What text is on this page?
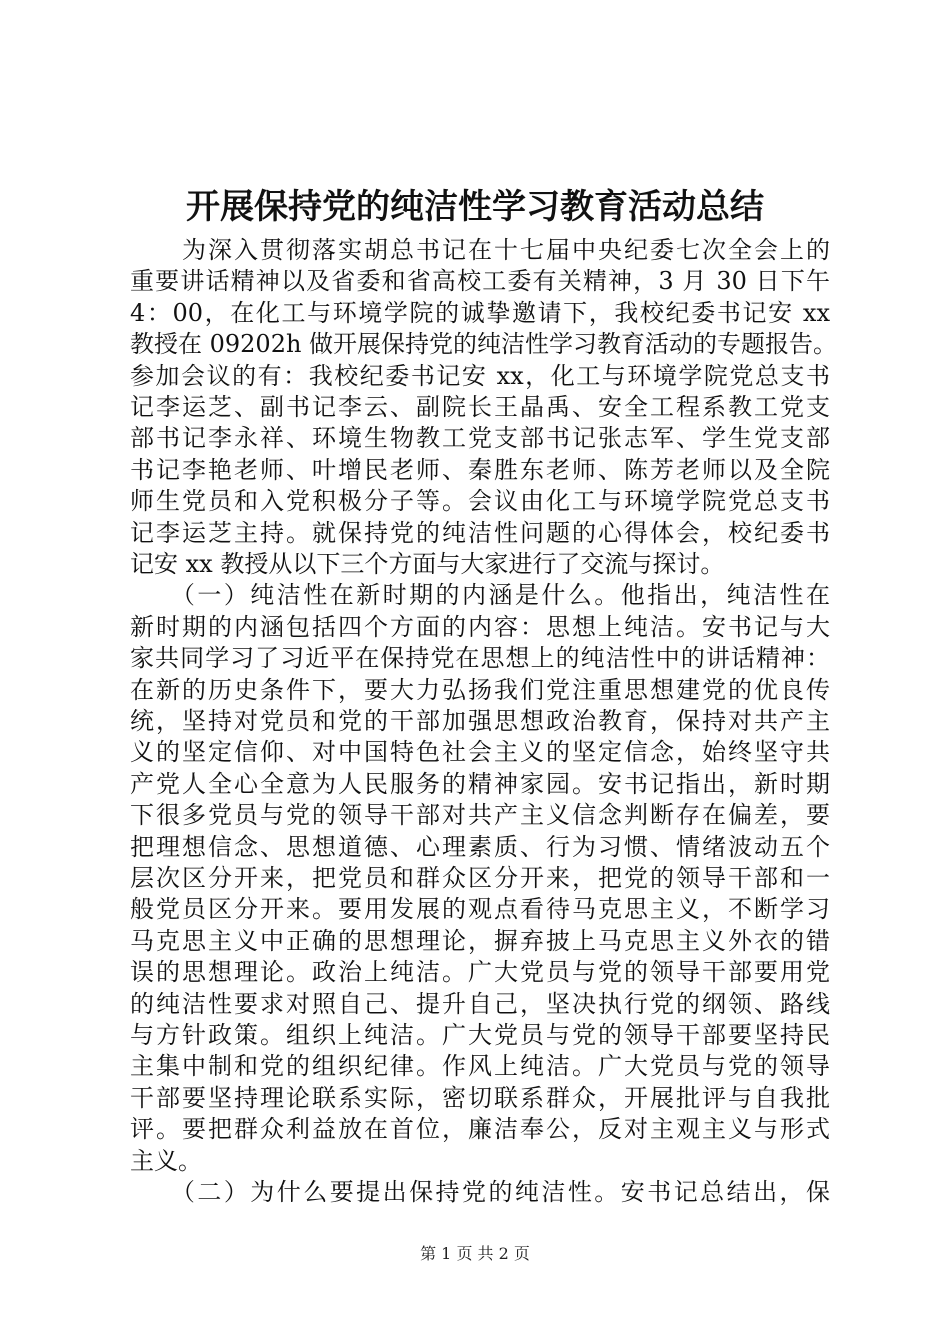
开展保持党的纯洁性学习教育活动总结
　　为深入贯彻落实胡总书记在十七届中央纪委七次全会上的
重要讲话精神以及省委和省高校工委有关精神，3 月 30 日下午
4：00，在化工与环境学院的诚挚邀请下，我校纪委书记安 xx
教授在 09202h 做开展保持党的纯洁性学习教育活动的专题报告。
参加会议的有：我校纪委书记安 xx，化工与环境学院党总支书
记李运芝、副书记李云、副院长王晶禹、安全工程系教工党支
部书记李永祥、环境生物教工党支部书记张志军、学生党支部
书记李艳老师、叶增民老师、秦胜东老师、陈芳老师以及全院
师生党员和入党积极分子等。会议由化工与环境学院党总支书
记李运芝主持。就保持党的纯洁性问题的心得体会，校纪委书
记安 xx 教授从以下三个方面与大家进行了交流与探讨。
　　（一）纯洁性在新时期的内涵是什么。他指出，纯洁性在
新时期的内涵包括四个方面的内容：思想上纯洁。安书记与大
家共同学习了习近平在保持党在思想上的纯洁性中的讲话精神：
在新的历史条件下，要大力弘扬我们党注重思想建党的优良传
统，坚持对党员和党的干部加强思想政治教育，保持对共产主
义的坚定信仰、对中国特色社会主义的坚定信念，始终坚守共
产党人全心全意为人民服务的精神家园。安书记指出，新时期
下很多党员与党的领导干部对共产主义信念判断存在偏差，要
把理想信念、思想道德、心理素质、行为习惯、情绪波动五个
层次区分开来，把党员和群众区分开来，把党的领导干部和一
般党员区分开来。要用发展的观点看待马克思主义，不断学习
马克思主义中正确的思想理论，摒弃披上马克思主义外衣的错
误的思想理论。政治上纯洁。广大党员与党的领导干部要用党
的纯洁性要求对照自己、提升自己，坚决执行党的纲领、路线
与方针政策。组织上纯洁。广大党员与党的领导干部要坚持民
主集中制和党的组织纪律。作风上纯洁。广大党员与党的领导
干部要坚持理论联系实际，密切联系群众，开展批评与自我批
评。要把群众利益放在首位，廉洁奉公，反对主观主义与形式
主义。
　　（二）为什么要提出保持党的纯洁性。安书记总结出，保
第 1 页 共 2 页
